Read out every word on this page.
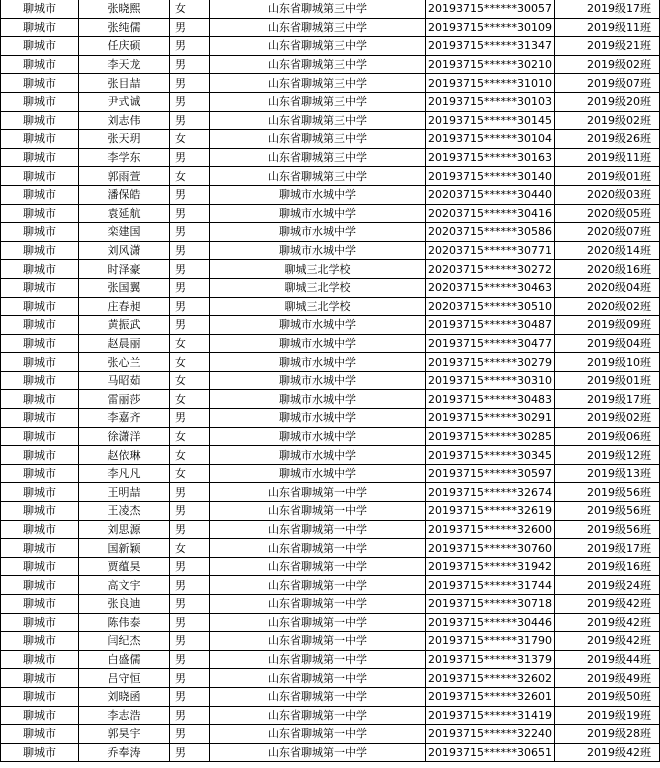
聊城市	张晓熙	女	山东省聊城第三中学	20193715******30057	2019级17班
聊城市	张纯儒	男	山东省聊城第三中学	20193715******30109	2019级11班
聊城市	任庆硕	男	山东省聊城第三中学	20193715******31347	2019级21班
聊城市	李天龙	男	山东省聊城第三中学	20193715******30210	2019级02班
聊城市	张目喆	男	山东省聊城第三中学	20193715******31010	2019级07班
聊城市	尹式诚	男	山东省聊城第三中学	20193715******30103	2019级20班
聊城市	刘志伟	男	山东省聊城第三中学	20193715******30145	2019级02班
聊城市	张天玥	女	山东省聊城第三中学	20193715******30104	2019级26班
聊城市	李学东	男	山东省聊城第三中学	20193715******30163	2019级11班
聊城市	郭雨萱	女	山东省聊城第三中学	20193715******30140	2019级01班
聊城市	潘保皓	男	聊城市水城中学	20203715******30440	2020级03班
聊城市	袁延航	男	聊城市水城中学	20203715******30416	2020级05班
聊城市	栾建国	男	聊城市水城中学	20203715******30586	2020级07班
聊城市	刘风潇	男	聊城市水城中学	20203715******30771	2020级14班
聊城市	时泽豪	男	聊城三北学校	20203715******30272	2020级16班
聊城市	张国翼	男	聊城三北学校	20203715******30463	2020级04班
聊城市	庄春昶	男	聊城三北学校	20203715******30510	2020级02班
聊城市	黄振武	男	聊城市水城中学	20193715******30487	2019级09班
聊城市	赵晨丽	女	聊城市水城中学	20193715******30477	2019级04班
聊城市	张心兰	女	聊城市水城中学	20193715******30279	2019级10班
聊城市	马昭茹	女	聊城市水城中学	20193715******30310	2019级01班
聊城市	雷丽莎	女	聊城市水城中学	20193715******30483	2019级17班
聊城市	李嘉齐	男	聊城市水城中学	20193715******30291	2019级02班
聊城市	徐潇洋	女	聊城市水城中学	20193715******30285	2019级06班
聊城市	赵依琳	女	聊城市水城中学	20193715******30345	2019级12班
聊城市	李凡凡	女	聊城市水城中学	20193715******30597	2019级13班
聊城市	王明喆	男	山东省聊城第一中学	20193715******32674	2019级56班
聊城市	王凌杰	男	山东省聊城第一中学	20193715******32619	2019级56班
聊城市	刘思源	男	山东省聊城第一中学	20193715******32600	2019级56班
聊城市	国新颖	女	山东省聊城第一中学	20193715******30760	2019级17班
聊城市	贾蕴昊	男	山东省聊城第一中学	20193715******31942	2019级16班
聊城市	高文宇	男	山东省聊城第一中学	20193715******31744	2019级24班
聊城市	张良迪	男	山东省聊城第一中学	20193715******30718	2019级42班
聊城市	陈伟泰	男	山东省聊城第一中学	20193715******30446	2019级42班
聊城市	闫纪杰	男	山东省聊城第一中学	20193715******31790	2019级42班
聊城市	白盛儒	男	山东省聊城第一中学	20193715******31379	2019级44班
聊城市	吕守恒	男	山东省聊城第一中学	20193715******32602	2019级49班
聊城市	刘晓函	男	山东省聊城第一中学	20193715******32601	2019级50班
聊城市	李志浩	男	山东省聊城第一中学	20193715******31419	2019级19班
聊城市	郭昊宇	男	山东省聊城第一中学	20193715******32240	2019级28班
聊城市	乔奉涛	男	山东省聊城第一中学	20193715******30651	2019级42班
